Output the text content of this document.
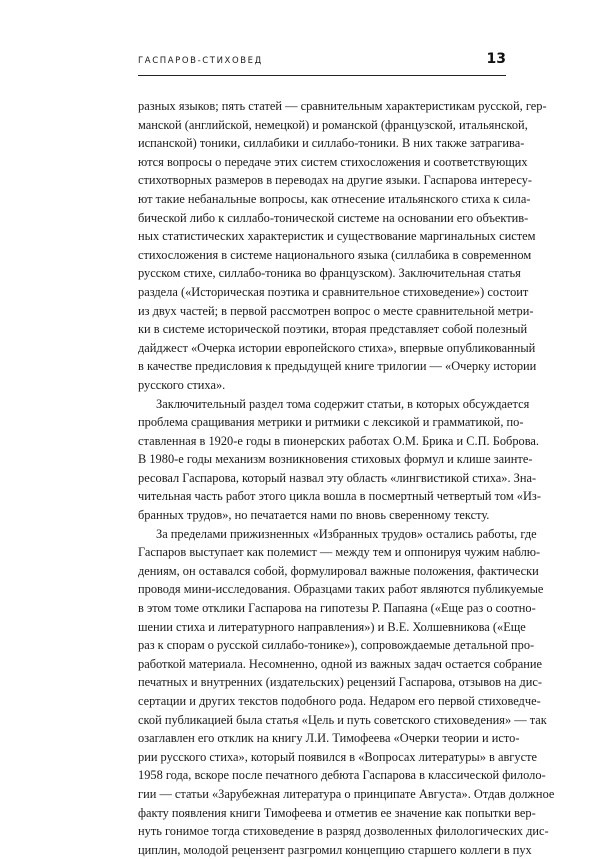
ГАСПАРОВ-СТИХОВЕД	13
разных языков; пять статей — сравнительным характеристикам русской, гер-
манской (английской, немецкой) и романской (французской, итальянской,
испанской) тоники, силлабики и силлабо-тоники. В них также затрагива-
ются вопросы о передаче этих систем стихосложения и соответствующих
стихотворных размеров в переводах на другие языки. Гаспарова интересу-
ют такие небанальные вопросы, как отнесение итальянского стиха к сила-
бической либо к силлабо-тонической системе на основании его объектив-
ных статистических характеристик и существование маргинальных систем
стихосложения в системе национального языка (силлабика в современном
русском стихе, силлабо-тоника во французском). Заключительная статья
раздела («Историческая поэтика и сравнительное стиховедение») состоит
из двух частей; в первой рассмотрен вопрос о месте сравнительной метри-
ки в системе исторической поэтики, вторая представляет собой полезный
дайджест «Очерка истории европейского стиха», впервые опубликованный
в качестве предисловия к предыдущей книге трилогии — «Очерку истории
русского стиха».
Заключительный раздел тома содержит статьи, в которых обсуждается
проблема сращивания метрики и ритмики с лексикой и грамматикой, по-
ставленная в 1920-е годы в пионерских работах О.М. Брика и С.П. Боброва.
В 1980-е годы механизм возникновения стиховых формул и клише заинте-
ресовал Гаспарова, который назвал эту область «лингвистикой стиха». Зна-
чительная часть работ этого цикла вошла в посмертный четвертый том «Из-
бранных трудов», но печатается нами по вновь сверенному тексту.
За пределами прижизненных «Избранных трудов» остались работы, где
Гаспаров выступает как полемист — между тем и оппонируя чужим наблю-
дениям, он оставался собой, формулировал важные положения, фактически
проводя мини-исследования. Образцами таких работ являются публикуемые
в этом томе отклики Гаспарова на гипотезы Р. Папаяна («Еще раз о соотно-
шении стиха и литературного направления») и В.Е. Холшевникова («Еще
раз к спорам о русской силлабо-тонике»), сопровождаемые детальной про-
работкой материала. Несомненно, одной из важных задач остается собрание
печатных и внутренних (издательских) рецензий Гаспарова, отзывов на дис-
сертации и других текстов подобного рода. Недаром его первой стиховедче-
ской публикацией была статья «Цель и путь советского стиховедения» — так
озаглавлен его отклик на книгу Л.И. Тимофеева «Очерки теории и исто-
рии русского стиха», который появился в «Вопросах литературы» в августе
1958 года, вскоре после печатного дебюта Гаспарова в классической филоло-
гии — статьи «Зарубежная литература о принципате Августа». Отдав должное
факту появления книги Тимофеева и отметив ее значение как попытки вер-
нуть гонимое тогда стиховедение в разряд дозволенных филологических дис-
циплин, молодой рецензент разгромил концепцию старшего коллеги в пух
